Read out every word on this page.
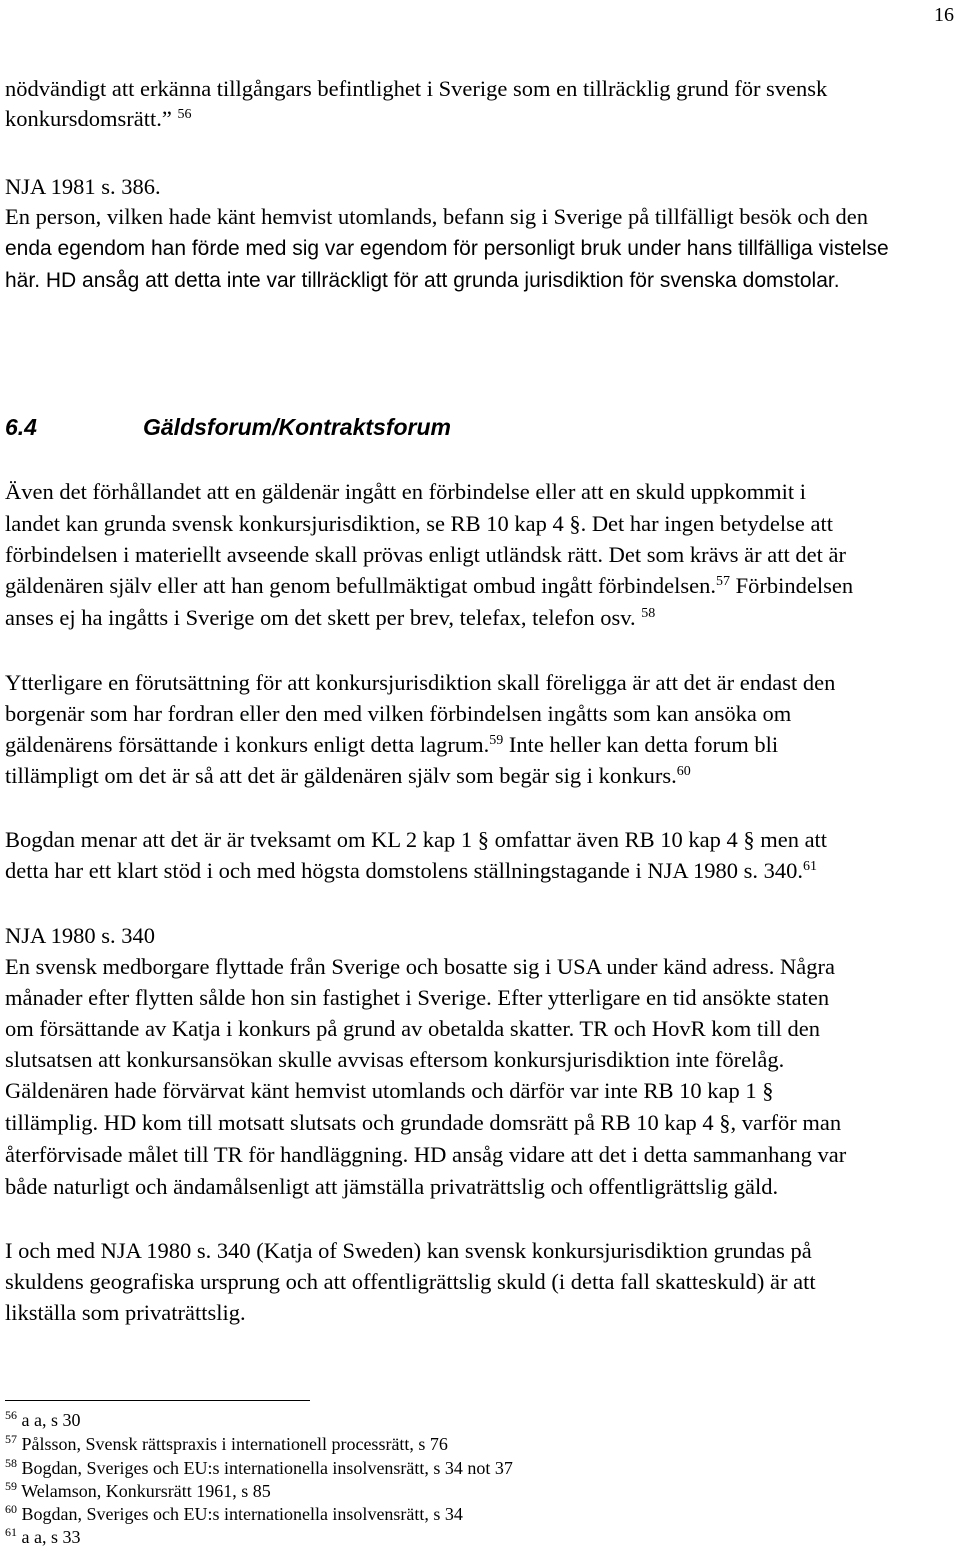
16
nödvändigt att erkänna tillgångars befintlighet i Sverige som en tillräcklig grund för svensk
konkursdomsrätt.” $^{56}$
NJA 1981 s. 386.
En person, vilken hade känt hemvist utomlands, befann sig i Sverige på tillfälligt besök och den
enda egendom han förde med sig var egendom för personligt bruk under hans tillfälliga vistelse
här. HD ansåg att detta inte var tillräckligt för att grunda jurisdiktion för svenska domstolar.
6.4	Gäldsforum/Kontraktsforum
Även det förhållandet att en gäldenär ingått en förbindelse eller att en skuld uppkommit i
landet kan grunda svensk konkursjurisdiktion, se RB 10 kap 4 §. Det har ingen betydelse att
förbindelsen i materiellt avseende skall prövas enligt utländsk rätt. Det som krävs är att det är
gäldenären själv eller att han genom befullmäktigat ombud ingått förbindelsen.$^{57}$ Förbindelsen
anses ej ha ingåtts i Sverige om det skett per brev, telefax, telefon osv. $^{58}$
Ytterligare en förutsättning för att konkursjurisdiktion skall föreligga är att det är endast den
borgenär som har fordran eller den med vilken förbindelsen ingåtts som kan ansöka om
gäldenärens försättande i konkurs enligt detta lagrum.$^{59}$ Inte heller kan detta forum bli
tillämpligt om det är så att det är gäldenären själv som begär sig i konkurs.$^{60}$
Bogdan menar att det är är tveksamt om KL 2 kap 1 § omfattar även RB 10 kap 4 § men att
detta har ett klart stöd i och med högsta domstolens ställningstagande i NJA 1980 s. 340.61
NJA 1980 s. 340
En svensk medborgare flyttade från Sverige och bosatte sig i USA under känd adress. Några
månader efter flytten sålde hon sin fastighet i Sverige. Efter ytterligare en tid ansökte staten
om försättande av Katja i konkurs på grund av obetalda skatter. TR och HovR kom till den
slutsatsen att konkursansökan skulle avvisas eftersom konkursjurisdiktion inte förelåg.
Gäldenären hade förvärvat känt hemvist utomlands och därför var inte RB 10 kap 1 §
tillämplig. HD kom till motsatt slutsats och grundade domsrätt på RB 10 kap 4 §, varför man
återförvisade målet till TR för handläggning. HD ansåg vidare att det i detta sammanhang var
både naturligt och ändamålsenligt att jämställa privaträttslig och offentligrättslig gäld.
I och med NJA 1980 s. 340 (Katja of Sweden) kan svensk konkursjurisdiktion grundas på
skuldens geografiska ursprung och att offentligrättslig skuld (i detta fall skatteskuld) är att
likställa som privaträttslig.
$^{56}$ a a, s 30
$^{57}$ Pålsson, Svensk rättspraxis i internationell processrätt, s 76
$^{58}$ Bogdan, Sveriges och EU:s internationella insolvensrätt, s 34 not 37
$^{59}$ Welamson, Konkursrätt 1961, s 85
$^{60}$ Bogdan, Sveriges och EU:s internationella insolvensrätt, s 34
$^{61}$ a a, s 33
